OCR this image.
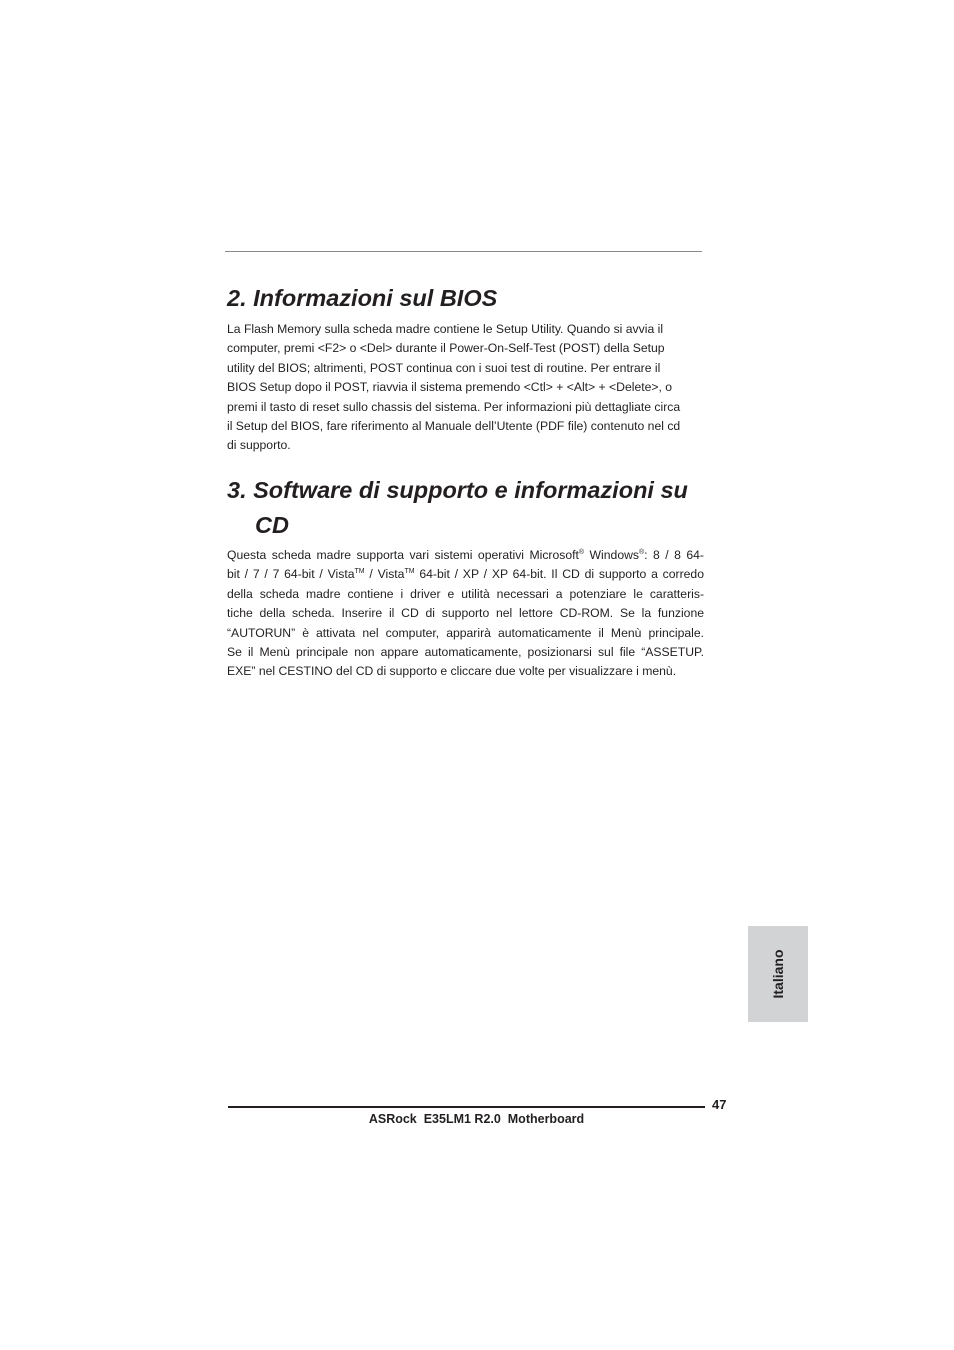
2. Informazioni sul BIOS
La Flash Memory sulla scheda madre contiene le Setup Utility. Quando si avvia il
computer, premi <F2> o <Del> durante il Power-On-Self-Test (POST) della Setup
utility del BIOS; altrimenti, POST continua con i suoi test di routine. Per entrare il
BIOS Setup dopo il POST, riavvia il sistema premendo <Ctl> + <Alt> + <Delete>, o
premi il tasto di reset sullo chassis del sistema. Per informazioni più dettagliate circa
il Setup del BIOS, fare riferimento al Manuale dell’Utente (PDF file) contenuto nel cd
di supporto.
3. Software di supporto e informazioni su
CD
Questa scheda madre supporta vari sistemi operativi Microsoft® Windows®: 8 / 8 64-
bit / 7 / 7 64-bit / Vista™ / Vista™ 64-bit / XP / XP 64-bit. Il CD di supporto a corredo
della scheda madre contiene i driver e utilità necessari a potenziare le caratteris-
tiche della scheda. Inserire il CD di supporto nel lettore CD-ROM. Se la funzione
“AUTORUN” è attivata nel computer, apparirà automaticamente il Menù principale.
Se il Menù principale non appare automaticamente, posizionarsi sul file “ASSETUP.
EXE” nel CESTINO del CD di supporto e cliccare due volte per visualizzare i menù.
Italiano
47
ASRock  E35LM1 R2.0  Motherboard
